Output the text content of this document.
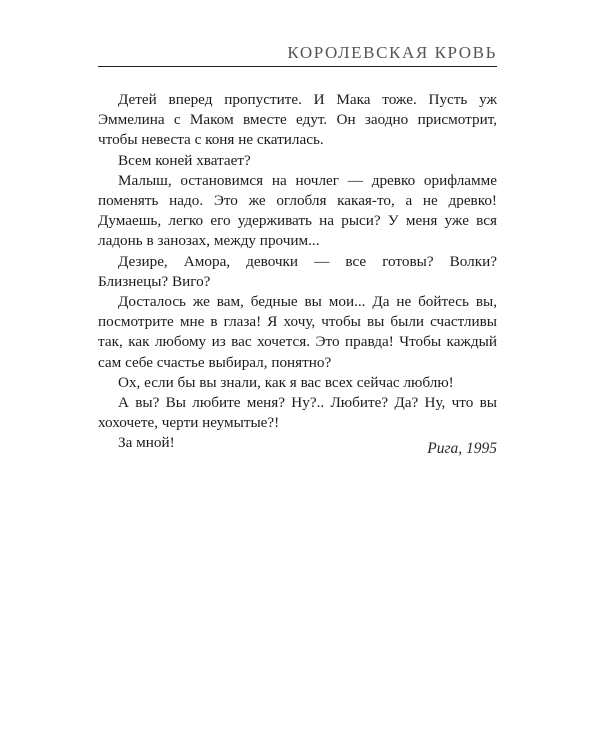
КОРОЛЕВСКАЯ КРОВЬ

Детей вперед пропустите. И Мака тоже. Пусть уж Эммелина с Маком вместе едут. Он заодно присмотрит, чтобы невеста с коня не скатилась.

Всем коней хватает?

Малыш, остановимся на ночлег — древко орифламме поменять надо. Это же оглобля какая-то, а не древко! Думаешь, легко его удерживать на рыси? У меня уже вся ладонь в занозах, между прочим...

Дезире, Амора, девочки — все готовы? Волки? Близнецы? Виго?

Досталось же вам, бедные вы мои... Да не бойтесь вы, посмотрите мне в глаза! Я хочу, чтобы вы были счастливы так, как любому из вас хочется. Это правда! Чтобы каждый сам себе счастье выбирал, понятно?

Ох, если бы вы знали, как я вас всех сейчас люблю!

А вы? Вы любите меня? Ну?.. Любите? Да? Ну, что вы хохочете, черти неумытые?!

За мной!	Рига, 1995
